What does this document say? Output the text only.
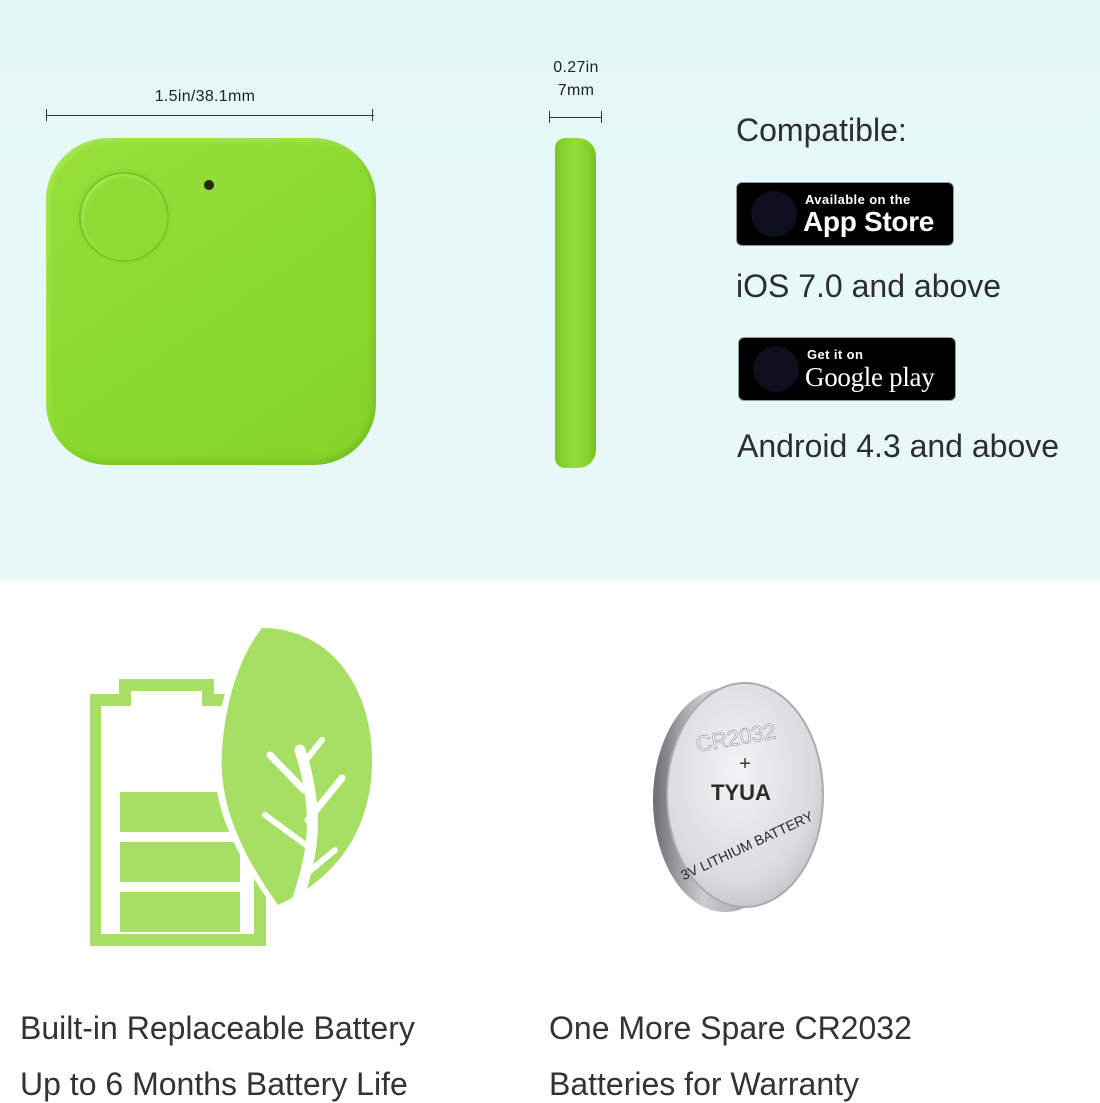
1.5in/38.1mm
0.27in
7mm
Compatible:
Available on the
App Store
iOS 7.0 and above
Get it on
Google play
Android 4.3 and above
CR2032
+
TYUA
3V LITHIUM BATTERY
Built-in Replaceable Battery
Up to 6 Months Battery Life
One More Spare CR2032
Batteries for Warranty
